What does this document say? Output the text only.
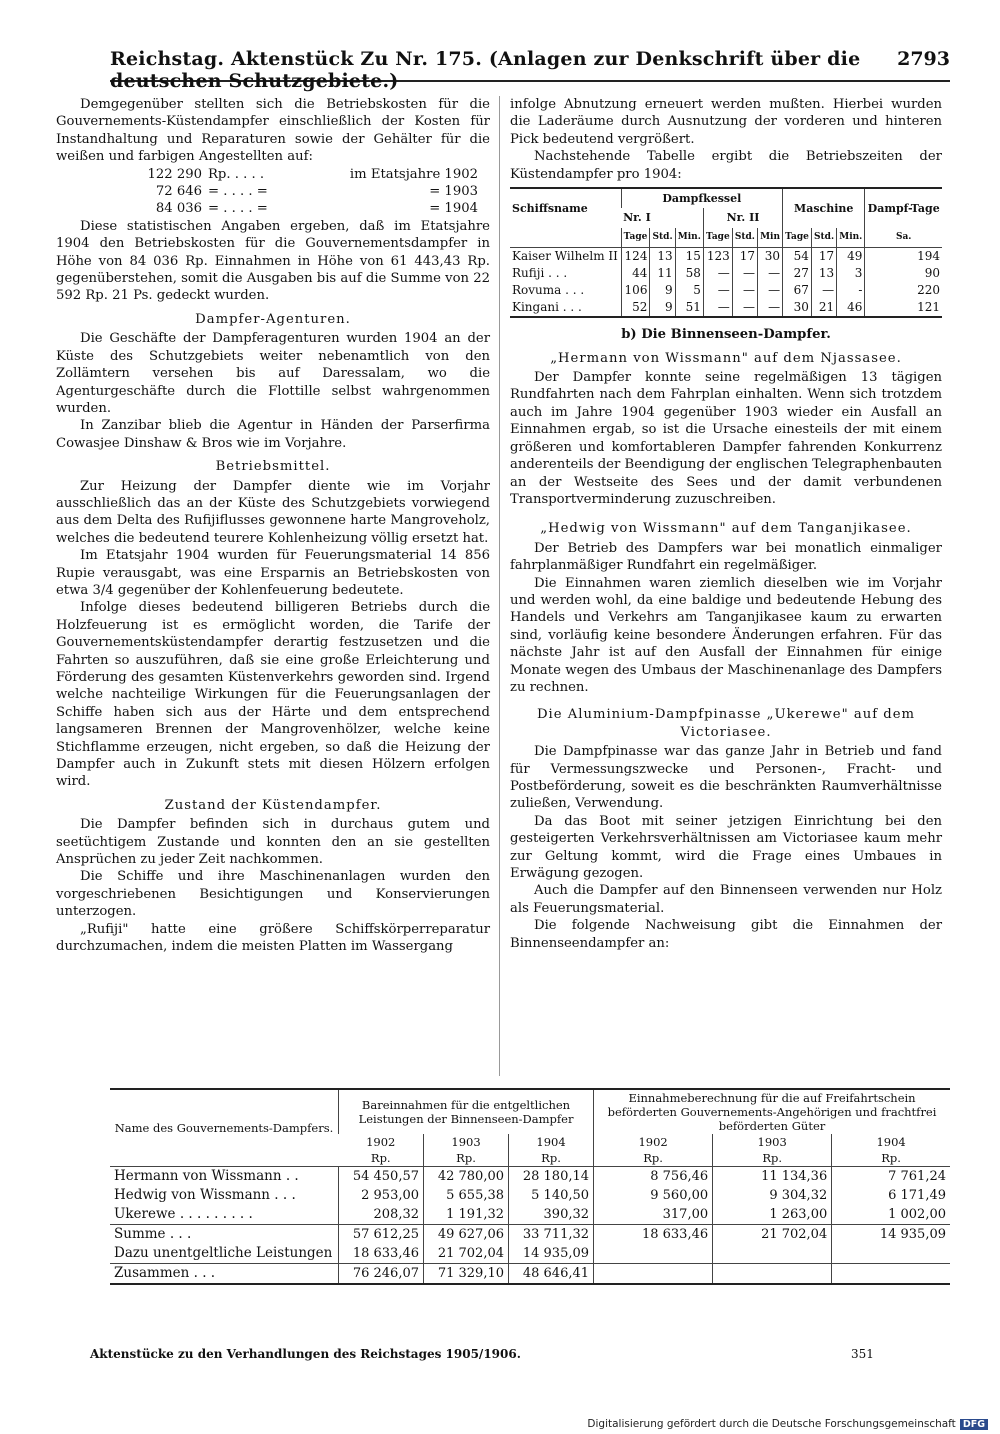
Reichstag. Aktenstück Zu Nr. 175. (Anlagen zur Denkschrift über die deutschen Schutzgebiete.)
2793

Demgegenüber stellten sich die Betriebskosten für die Gouvernements-Küstendampfer einschließlich der Kosten für Instandhaltung und Reparaturen sowie der Gehälter für die weißen und farbigen Angestellten auf:

122 290 Rp. . . . .	im Etatsjahre 1902
72 646 = . . . . =	= 1903
84 036 = . . . . =	= 1904

Diese statistischen Angaben ergeben, daß im Etatsjahre 1904 den Betriebskosten für die Gouvernementsdampfer in Höhe von 84 036 Rp. Einnahmen in Höhe von 61 443,43 Rp. gegenüberstehen, somit die Ausgaben bis auf die Summe von 22 592 Rp. 21 Ps. gedeckt wurden.

Dampfer-Agenturen.

Die Geschäfte der Dampferagenturen wurden 1904 an der Küste des Schutzgebiets weiter nebenamtlich von den Zollämtern versehen bis auf Daressalam, wo die Agenturgeschäfte durch die Flottille selbst wahrgenommen wurden.

In Zanzibar blieb die Agentur in Händen der Parserfirma Cowasjee Dinshaw & Bros wie im Vorjahre.

Betriebsmittel.

Zur Heizung der Dampfer diente wie im Vorjahr ausschließlich das an der Küste des Schutzgebiets vorwiegend aus dem Delta des Rufijiflusses gewonnene harte Mangroveholz, welches die bedeutend teurere Kohlenheizung völlig ersetzt hat.

Im Etatsjahr 1904 wurden für Feuerungsmaterial 14 856 Rupie verausgabt, was eine Ersparnis an Betriebskosten von etwa 3/4 gegenüber der Kohlenfeuerung bedeutete.

Infolge dieses bedeutend billigeren Betriebs durch die Holzfeuerung ist es ermöglicht worden, die Tarife der Gouvernementsküstendampfer derartig festzusetzen und die Fahrten so auszuführen, daß sie eine große Erleichterung und Förderung des gesamten Küstenverkehrs geworden sind. Irgend welche nachteilige Wirkungen für die Feuerungsanlagen der Schiffe haben sich aus der Härte und dem entsprechend langsameren Brennen der Mangrovenhölzer, welche keine Stichflamme erzeugen, nicht ergeben, so daß die Heizung der Dampfer auch in Zukunft stets mit diesen Hölzern erfolgen wird.

Zustand der Küstendampfer.

Die Dampfer befinden sich in durchaus gutem und seetüchtigem Zustande und konnten den an sie gestellten Ansprüchen zu jeder Zeit nachkommen.

Die Schiffe und ihre Maschinenanlagen wurden den vorgeschriebenen Besichtigungen und Konservierungen unterzogen.

„Rufiji" hatte eine größere Schiffskörperreparatur durchzumachen, indem die meisten Platten im Wassergang

infolge Abnutzung erneuert werden mußten. Hierbei wurden die Laderäume durch Ausnutzung der vorderen und hinteren Pick bedeutend vergrößert.

Nachstehende Tabelle ergibt die Betriebszeiten der Küstendampfer pro 1904:

Schiffsname	Dampfkessel						Maschine			Dampf-Tage
	Nr. I			Nr. II						
	Tage	Std.	Min.	Tage	Std.	Min	Tage	Std.	Min.	Sa.
Kaiser Wilhelm II	124	13	15	123	17	30	54	17	49	194
Rufiji . . .	44	11	58	—	—	—	27	13	3	90
Rovuma . . .	106	9	5	—	—	—	67	—	-	220
Kingani . . .	52	9	51	—	—	—	30	21	46	121
b) Die Binnenseen-Dampfer.
„Hermann von Wissmann" auf dem Njassasee.

Der Dampfer konnte seine regelmäßigen 13 tägigen Rundfahrten nach dem Fahrplan einhalten. Wenn sich trotzdem auch im Jahre 1904 gegenüber 1903 wieder ein Ausfall an Einnahmen ergab, so ist die Ursache einesteils der mit einem größeren und komfortableren Dampfer fahrenden Konkurrenz anderenteils der Beendigung der englischen Telegraphenbauten an der Westseite des Sees und der damit verbundenen Transportverminderung zuzuschreiben.

„Hedwig von Wissmann" auf dem Tanganjikasee.

Der Betrieb des Dampfers war bei monatlich einmaliger fahrplanmäßiger Rundfahrt ein regelmäßiger.

Die Einnahmen waren ziemlich dieselben wie im Vorjahr und werden wohl, da eine baldige und bedeutende Hebung des Handels und Verkehrs am Tanganjikasee kaum zu erwarten sind, vorläufig keine besondere Änderungen erfahren. Für das nächste Jahr ist auf den Ausfall der Einnahmen für einige Monate wegen des Umbaus der Maschinenanlage des Dampfers zu rechnen.

Die Aluminium-Dampfpinasse „Ukerewe" auf dem Victoriasee.

Die Dampfpinasse war das ganze Jahr in Betrieb und fand für Vermessungszwecke und Personen-, Fracht- und Postbeförderung, soweit es die beschränkten Raumverhältnisse zuließen, Verwendung.

Da das Boot mit seiner jetzigen Einrichtung bei den gesteigerten Verkehrsverhältnissen am Victoriasee kaum mehr zur Geltung kommt, wird die Frage eines Umbaues in Erwägung gezogen.

Auch die Dampfer auf den Binnenseen verwenden nur Holz als Feuerungsmaterial.

Die folgende Nachweisung gibt die Einnahmen der Binnenseendampfer an:

Name des Gouvernements-Dampfers.	Bareinnahmen für die entgeltlichen Leistungen der Binnenseen-Dampfer			Einnahmeberechnung für die auf Freifahrtschein beförderten Gouvernements-Angehörigen und frachtfrei beförderten Güter		
	1902	1903	1904	1902	1903	1904
	Rp.	Rp.	Rp.	Rp.	Rp.	Rp.
Hermann von Wissmann . .	54 450,57	42 780,00	28 180,14	8 756,46	11 134,36	7 761,24
Hedwig von Wissmann . . .	2 953,00	5 655,38	5 140,50	9 560,00	9 304,32	6 171,49
Ukerewe . . . . . . . . .	208,32	1 191,32	390,32	317,00	1 263,00	1 002,00
Summe . . .	57 612,25	49 627,06	33 711,32	18 633,46	21 702,04	14 935,09
Dazu unentgeltliche Leistungen	18 633,46	21 702,04	14 935,09			
Zusammen . . .	76 246,07	71 329,10	48 646,41			
Aktenstücke zu den Verhandlungen des Reichstages 1905/1906.	351
Digitalisierung gefördert durch die Deutsche Forschungsgemeinschaft DFG
